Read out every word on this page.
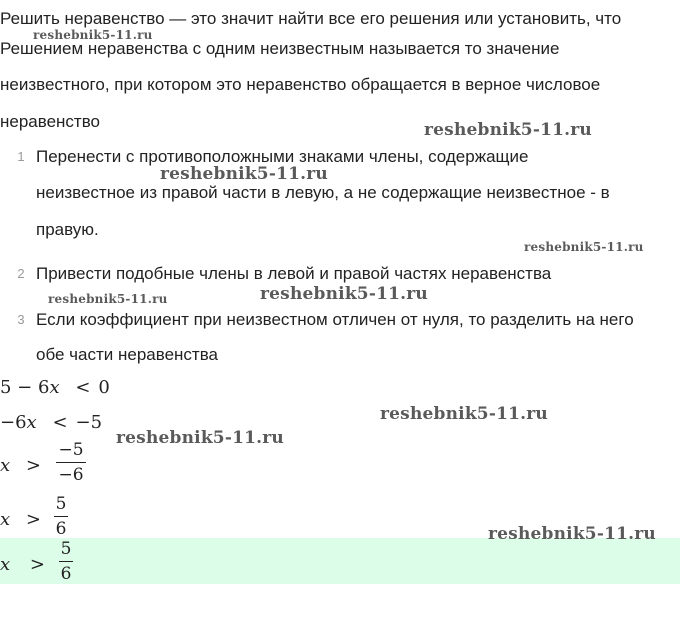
Решить неравенство — это значит найти все его решения или установить, что
Решением неравенства с одним неизвестным называется то значение
неизвестного, при котором это неравенство обращается в верное числовое
неравенство
1 Перенести с противоположными знаками члены, содержащие
неизвестное из правой части в левую, а не содержащие неизвестное - в
правую.
2 Привести подобные члены в левой и правой частях неравенства
3 Если коэффициент при неизвестном отличен от нуля, то разделить на него
обе части неравенства
5 − 6x < 0
−6x < −5
x >
−5
−6
x >
5
6
x >
5
6
reshebnik5-11.ru
reshebnik5-11.ru
reshebnik5-11.ru
reshebnik5-11.ru
reshebnik5-11.ru	reshebnik5-11.ru
reshebnik5-11.ru
reshebnik5-11.ru
reshebnik5-11.ru
